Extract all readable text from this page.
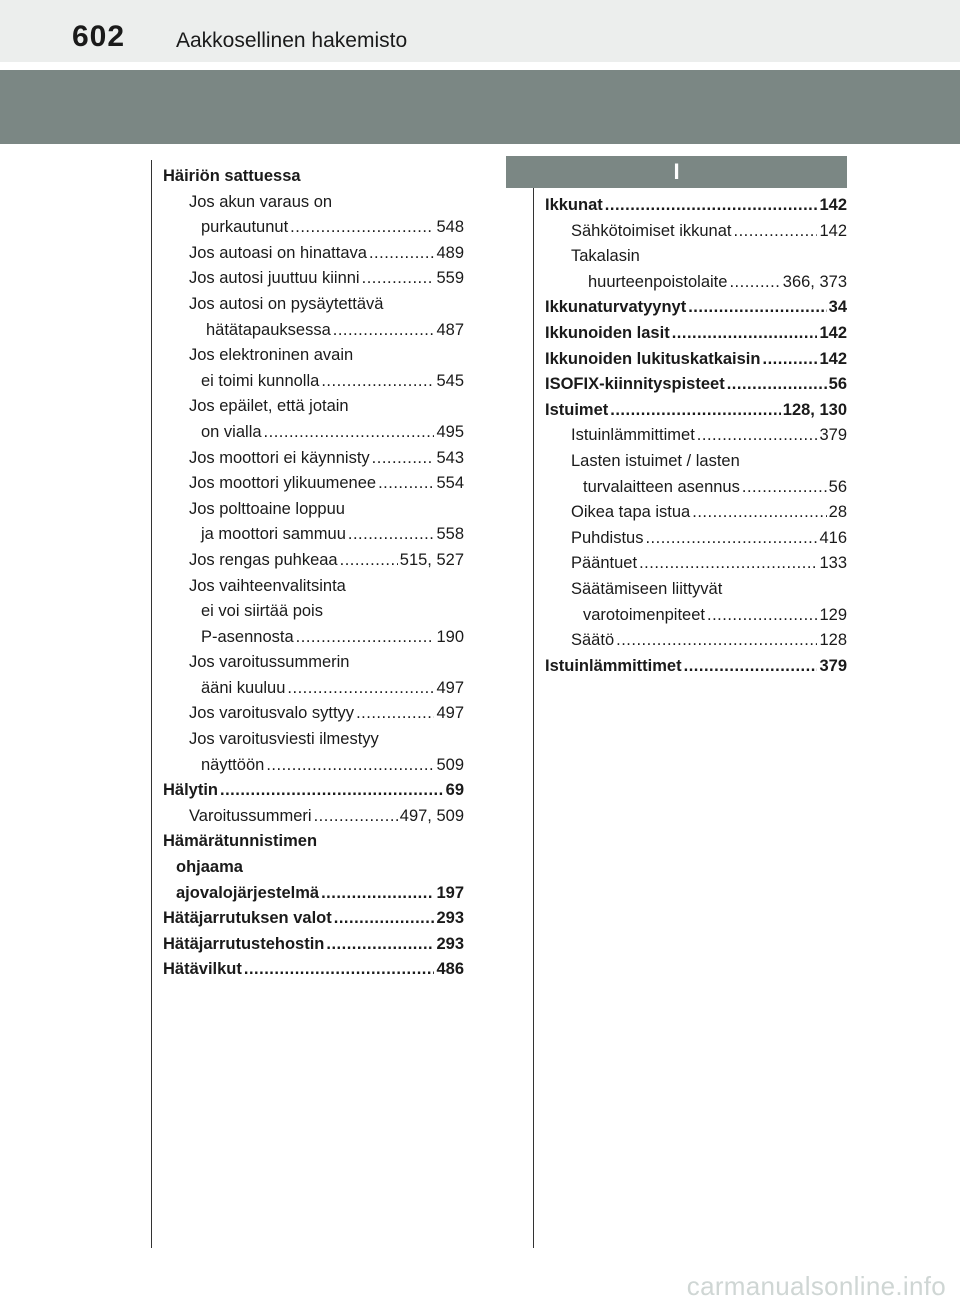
602 Aakkosellinen hakemisto
Häiriön sattuessa
Jos akun varaus on
purkautunut .....	548
Jos autoasi on hinattava .....	489
Jos autosi juuttuu kiinni .....	559
Jos autosi on pysäytettävä
hätätapauksessa .....	487
Jos elektroninen avain
ei toimi kunnolla .....	545
Jos epäilet, että jotain
on vialla .....	495
Jos moottori ei käynnisty .....	543
Jos moottori ylikuumenee .....	554
Jos polttoaine loppuu
ja moottori sammuu .....	558
Jos rengas puhkeaa .....	515, 527
Jos vaihteenvalitsinta
ei voi siirtää pois
P-asennosta .....	190
Jos varoitussummerin
ääni kuuluu .....	497
Jos varoitusvalo syttyy .....	497
Jos varoitusviesti ilmestyy
näyttöön .....	509
Hälytin .....	69
Varoitussummeri .....	497, 509
Hämärätunnistimen
ohjaama
ajovalojärjestelmä .....	197
Hätäjarrutuksen valot .....	293
Hätäjarrutustehostin .....	293
Hätävilkut .....	486
I
Ikkunat .....	142
Sähkötoimiset ikkunat .....	142
Takalasin
huurteenpoistolaite .....	366, 373
Ikkunaturvatyynyt .....	34
Ikkunoiden lasit .....	142
Ikkunoiden lukituskatkaisin .....	142
ISOFIX-kiinnityspisteet .....	56
Istuimet .....	128, 130
Istuinlämmittimet .....	379
Lasten istuimet / lasten
turvalaitteen asennus .....	56
Oikea tapa istua .....	28
Puhdistus .....	416
Pääntuet .....	133
Säätämiseen liittyvät
varotoimenpiteet .....	129
Säätö .....	128
Istuinlämmittimet .....	379
carmanualsonline.info
